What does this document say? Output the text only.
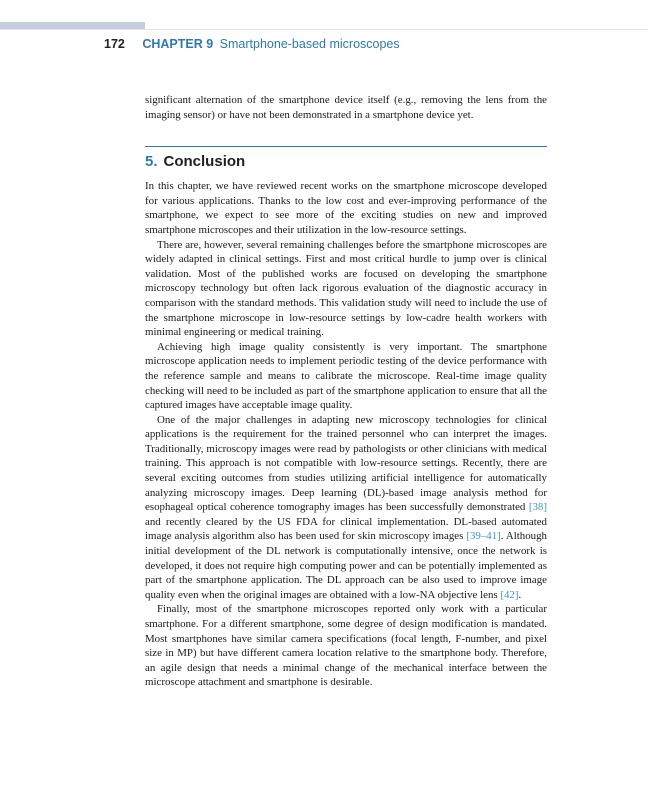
172 CHAPTER 9 Smartphone-based microscopes

significant alternation of the smartphone device itself (e.g., removing the lens from the imaging sensor) or have not been demonstrated in a smartphone device yet.

5. Conclusion

In this chapter, we have reviewed recent works on the smartphone microscope developed for various applications. Thanks to the low cost and ever-improving performance of the smartphone, we expect to see more of the exciting studies on new and improved smartphone microscopes and their utilization in the low-resource settings.

There are, however, several remaining challenges before the smartphone microscopes are widely adapted in clinical settings. First and most critical hurdle to jump over is clinical validation. Most of the published works are focused on developing the smartphone microscopy technology but often lack rigorous evaluation of the diagnostic accuracy in comparison with the standard methods. This validation study will need to include the use of the smartphone microscope in low-resource settings by low-cadre health workers with minimal engineering or medical training.

Achieving high image quality consistently is very important. The smartphone microscope application needs to implement periodic testing of the device performance with the reference sample and means to calibrate the microscope. Real-time image quality checking will need to be included as part of the smartphone application to ensure that all the captured images have acceptable image quality.

One of the major challenges in adapting new microscopy technologies for clinical applications is the requirement for the trained personnel who can interpret the images. Traditionally, microscopy images were read by pathologists or other clinicians with medical training. This approach is not compatible with low-resource settings. Recently, there are several exciting outcomes from studies utilizing artificial intelligence for automatically analyzing microscopy images. Deep learning (DL)-based image analysis method for esophageal optical coherence tomography images has been successfully demonstrated [38] and recently cleared by the US FDA for clinical implementation. DL-based automated image analysis algorithm also has been used for skin microscopy images [39–41]. Although initial development of the DL network is computationally intensive, once the network is developed, it does not require high computing power and can be potentially implemented as part of the smartphone application. The DL approach can be also used to improve image quality even when the original images are obtained with a low-NA objective lens [42].

Finally, most of the smartphone microscopes reported only work with a particular smartphone. For a different smartphone, some degree of design modification is mandated. Most smartphones have similar camera specifications (focal length, F-number, and pixel size in MP) but have different camera location relative to the smartphone body. Therefore, an agile design that needs a minimal change of the mechanical interface between the microscope attachment and smartphone is desirable.
